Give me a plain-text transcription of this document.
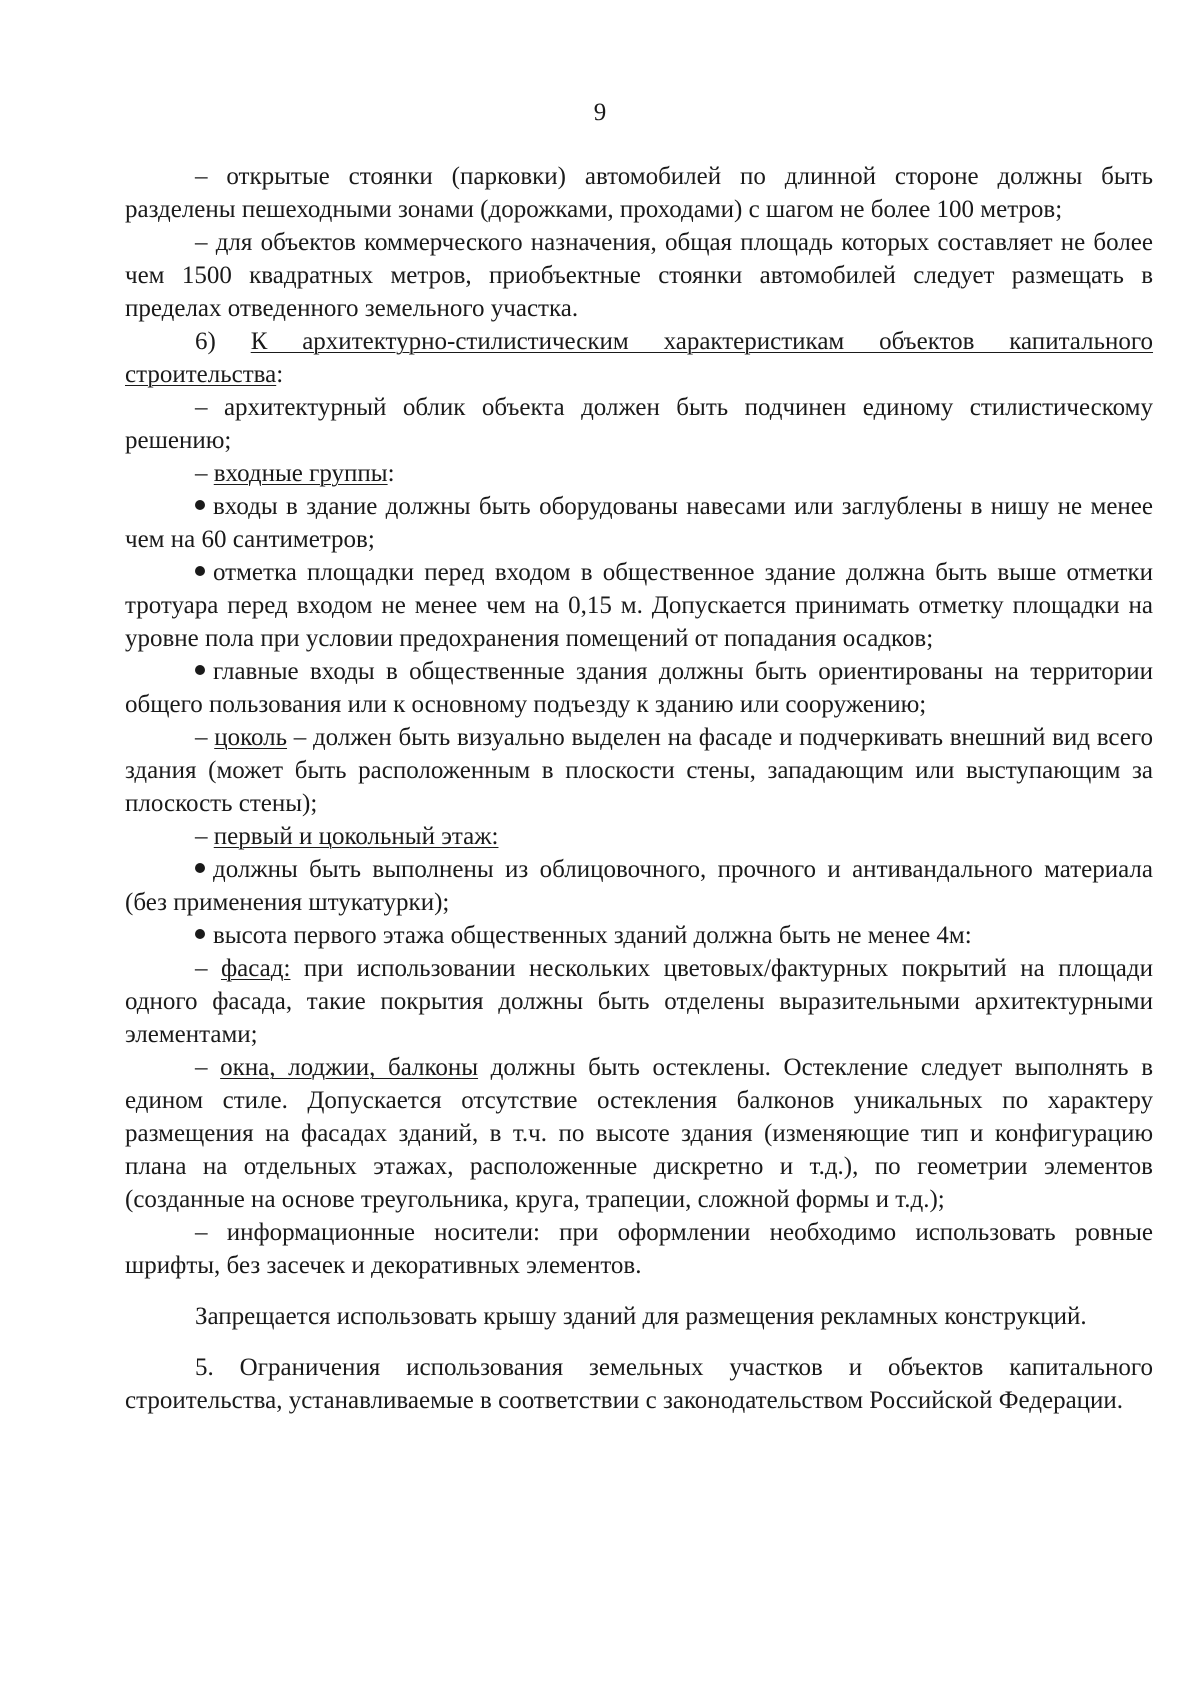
9

– открытые стоянки (парковки) автомобилей по длинной стороне должны быть разделены пешеходными зонами (дорожками, проходами) с шагом не более 100 метров;

– для объектов коммерческого назначения, общая площадь которых составляет не более чем 1500 квадратных метров, приобъектные стоянки автомобилей следует размещать в пределах отведенного земельного участка.

6) К архитектурно-стилистическим характеристикам объектов капитального строительства:

– архитектурный облик объекта должен быть подчинен единому стилистическому решению;

– входные группы:

входы в здание должны быть оборудованы навесами или заглублены в нишу не менее чем на 60 сантиметров;

отметка площадки перед входом в общественное здание должна быть выше отметки тротуара перед входом не менее чем на 0,15 м. Допускается принимать отметку площадки на уровне пола при условии предохранения помещений от попадания осадков;

главные входы в общественные здания должны быть ориентированы на территории общего пользования или к основному подъезду к зданию или сооружению;

– цоколь – должен быть визуально выделен на фасаде и подчеркивать внешний вид всего здания (может быть расположенным в плоскости стены, западающим или выступающим за плоскость стены);

– первый и цокольный этаж:

должны быть выполнены из облицовочного, прочного и антивандального материала (без применения штукатурки);

высота первого этажа общественных зданий должна быть не менее 4м:

– фасад: при использовании нескольких цветовых/фактурных покрытий на площади одного фасада, такие покрытия должны быть отделены выразительными архитектурными элементами;

– окна, лоджии, балконы должны быть остеклены. Остекление следует выполнять в едином стиле. Допускается отсутствие остекления балконов уникальных по характеру размещения на фасадах зданий, в т.ч. по высоте здания (изменяющие тип и конфигурацию плана на отдельных этажах, расположенные дискретно и т.д.), по геометрии элементов (созданные на основе треугольника, круга, трапеции, сложной формы и т.д.);

– информационные носители: при оформлении необходимо использовать ровные шрифты, без засечек и декоративных элементов.

Запрещается использовать крышу зданий для размещения рекламных конструкций.

5. Ограничения использования земельных участков и объектов капитального строительства, устанавливаемые в соответствии с законодательством Российской Федерации.
